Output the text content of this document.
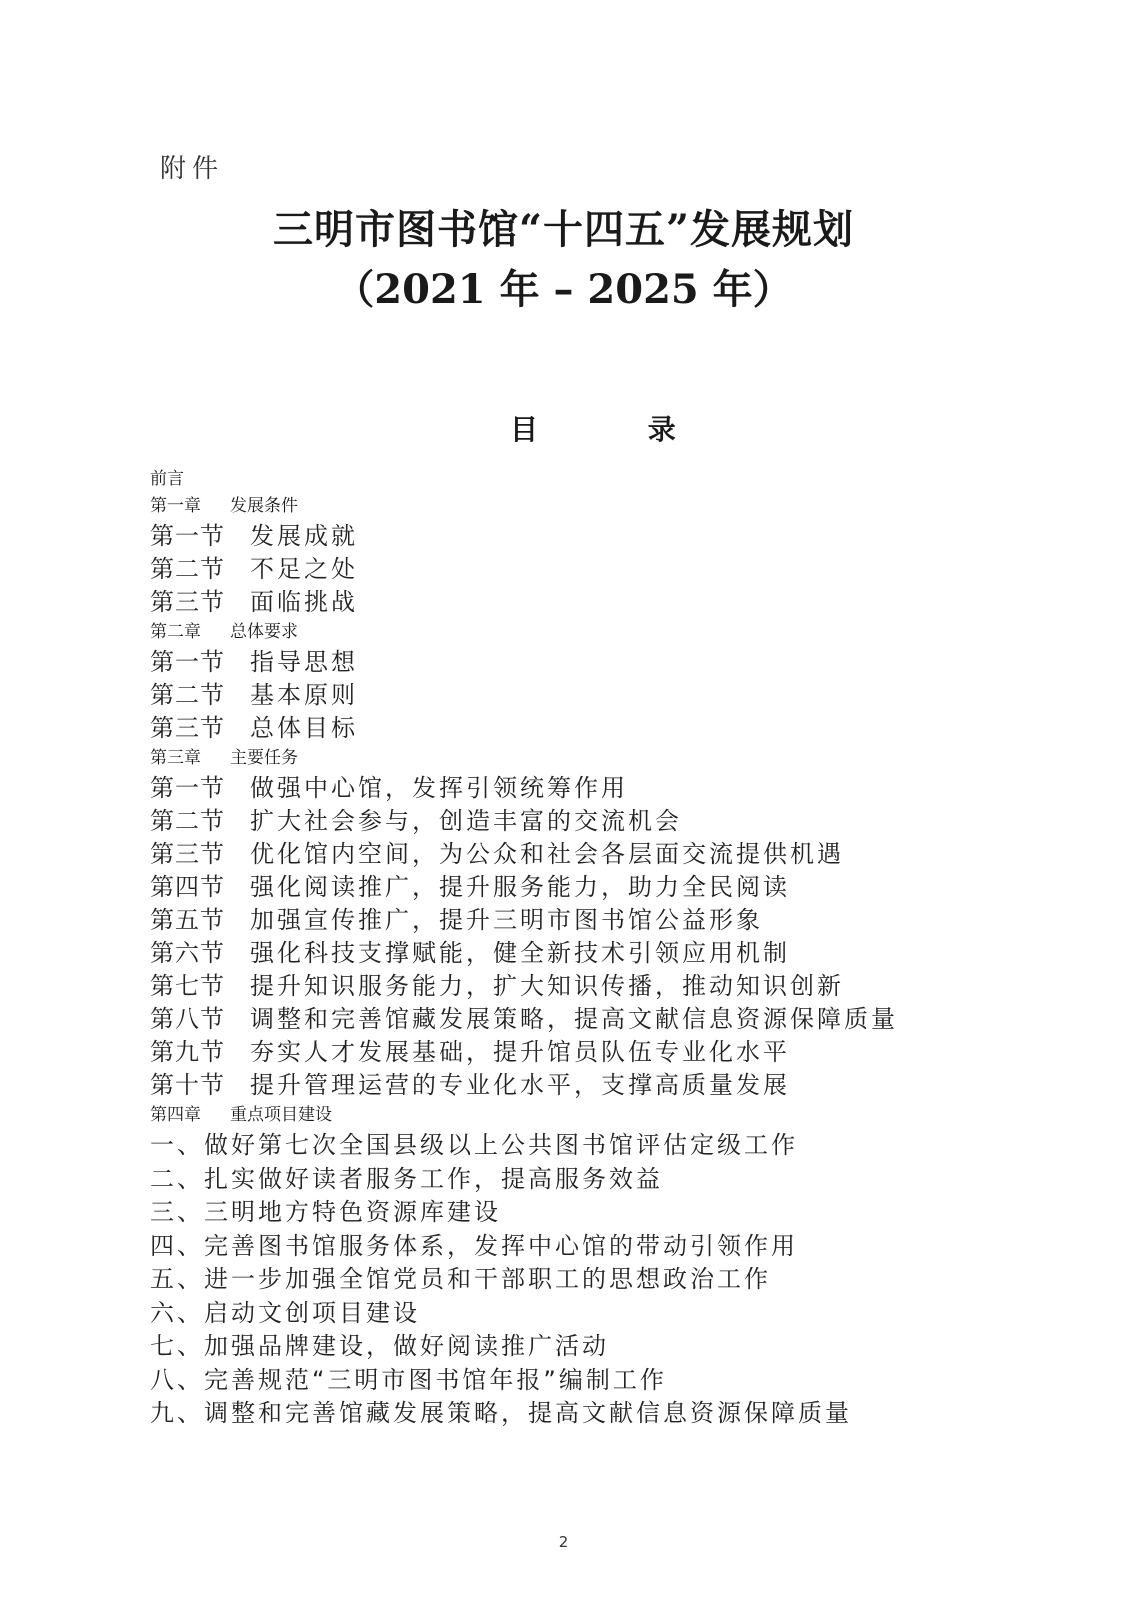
附件
三明市图书馆“十四五”发展规划
（2021 年 – 2025 年）
目 录
前言
第一章 发展条件
第一节 发展成就
第二节 不足之处
第三节 面临挑战
第二章 总体要求
第一节 指导思想
第二节 基本原则
第三节 总体目标
第三章 主要任务
第一节 做强中心馆，发挥引领统筹作用
第二节 扩大社会参与，创造丰富的交流机会
第三节 优化馆内空间，为公众和社会各层面交流提供机遇
第四节 强化阅读推广，提升服务能力，助力全民阅读
第五节 加强宣传推广，提升三明市图书馆公益形象
第六节 强化科技支撑赋能，健全新技术引领应用机制
第七节 提升知识服务能力，扩大知识传播，推动知识创新
第八节 调整和完善馆藏发展策略，提高文献信息资源保障质量
第九节 夯实人才发展基础，提升馆员队伍专业化水平
第十节 提升管理运营的专业化水平，支撑高质量发展
第四章 重点项目建设
一、做好第七次全国县级以上公共图书馆评估定级工作
二、扎实做好读者服务工作，提高服务效益
三、三明地方特色资源库建设
四、完善图书馆服务体系，发挥中心馆的带动引领作用
五、进一步加强全馆党员和干部职工的思想政治工作
六、启动文创项目建设
七、加强品牌建设，做好阅读推广活动
八、完善规范“三明市图书馆年报”编制工作
九、调整和完善馆藏发展策略，提高文献信息资源保障质量
2
